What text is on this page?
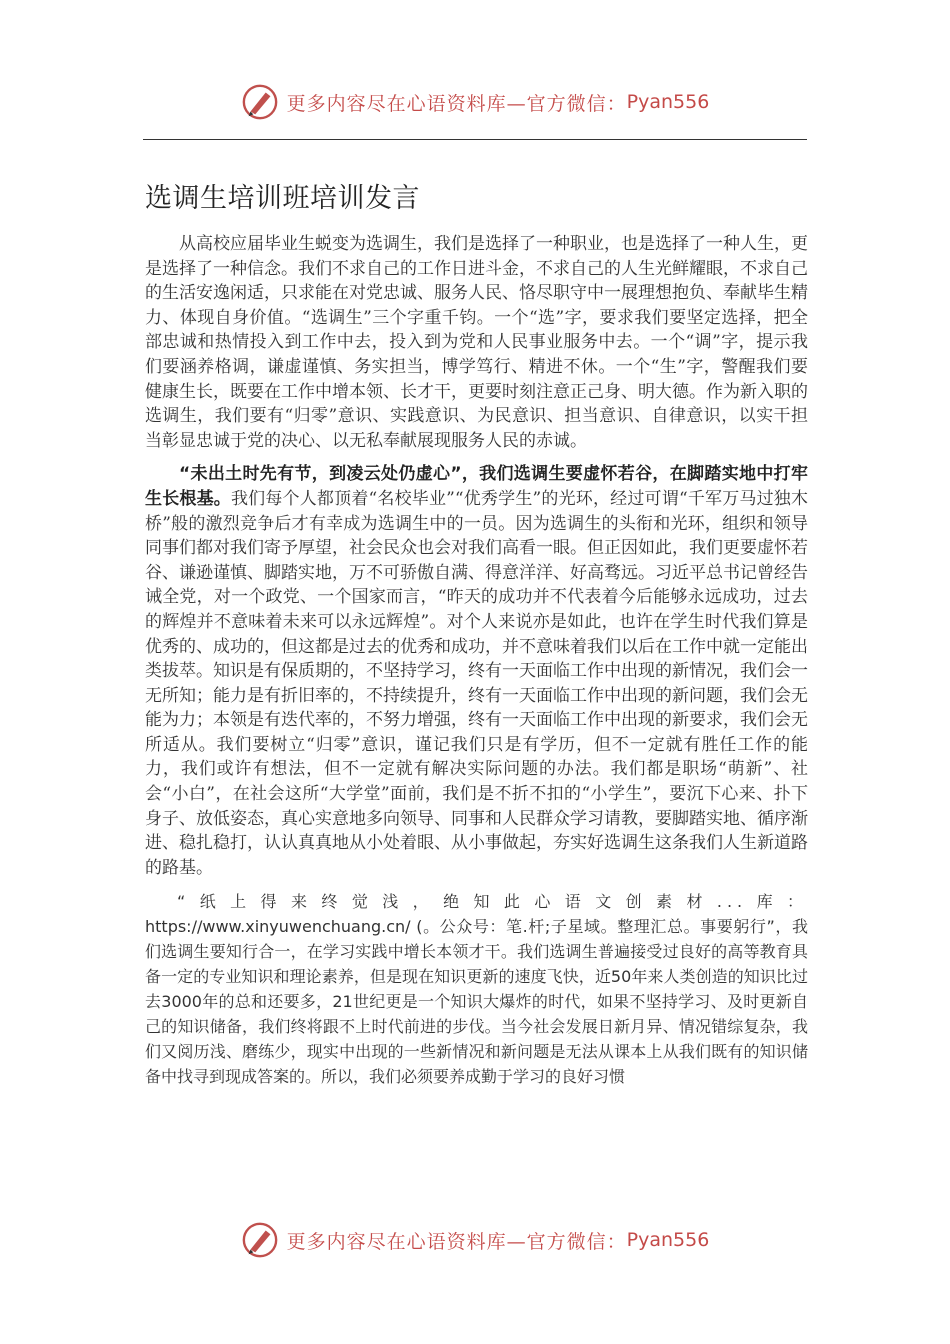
更多内容尽在心语资料库—官方微信： Pyan556
选调生培训班培训发言

从高校应届毕业生蜕变为选调生，我们是选择了一种职业，也是选择了一种人生，更是选择了一种信念。我们不求自己的工作日进斗金，不求自己的人生光鲜耀眼，不求自己的生活安逸闲适，只求能在对党忠诚、服务人民、恪尽职守中一展理想抱负、奉献毕生精力、体现自身价值。“选调生”三个字重千钧。一个“选”字，要求我们要坚定选择，把全部忠诚和热情投入到工作中去，投入到为党和人民事业服务中去。一个“调”字，提示我们要涵养格调，谦虚谨慎、务实担当，博学笃行、精进不休。一个“生”字，警醒我们要健康生长，既要在工作中增本领、长才干，更要时刻注意正己身、明大德。作为新入职的选调生，我们要有“归零”意识、实践意识、为民意识、担当意识、自律意识，以实干担当彰显忠诚于党的决心、以无私奉献展现服务人民的赤诚。

“未出土时先有节，到凌云处仍虚心”，我们选调生要虚怀若谷，在脚踏实地中打牢生长根基。我们每个人都顶着“名校毕业”“优秀学生”的光环，经过可谓“千军万马过独木桥”般的激烈竞争后才有幸成为选调生中的一员。因为选调生的头衔和光环，组织和领导同事们都对我们寄予厚望，社会民众也会对我们高看一眼。但正因如此，我们更要虚怀若谷、谦逊谨慎、脚踏实地，万不可骄傲自满、得意洋洋、好高骛远。习近平总书记曾经告诫全党，对一个政党、一个国家而言，“昨天的成功并不代表着今后能够永远成功，过去的辉煌并不意味着未来可以永远辉煌”。对个人来说亦是如此，也许在学生时代我们算是优秀的、成功的，但这都是过去的优秀和成功，并不意味着我们以后在工作中就一定能出类拔萃。知识是有保质期的，不坚持学习，终有一天面临工作中出现的新情况，我们会一无所知；能力是有折旧率的，不持续提升，终有一天面临工作中出现的新问题，我们会无能为力；本领是有迭代率的，不努力增强，终有一天面临工作中出现的新要求，我们会无所适从。我们要树立“归零”意识，谨记我们只是有学历，但不一定就有胜任工作的能力，我们或许有想法，但不一定就有解决实际问题的办法。我们都是职场“萌新”、社会“小白”，在社会这所“大学堂”面前，我们是不折不扣的“小学生”，要沉下心来、扑下身子、放低姿态，真心实意地多向领导、同事和人民群众学习请教，要脚踏实地、循序渐进、稳扎稳打，认认真真地从小处着眼、从小事做起，夯实好选调生这条我们人生新道路的路基。

“纸上得来终觉浅，绝知此心语文创素材...库： https://www.xinyuwenchuang.cn/ (。公众号：笔.杆;子星域。整理汇总。事要躬行”，我们选调生要知行合一，在学习实践中增长本领才干。我们选调生普遍接受过良好的高等教育具备一定的专业知识和理论素养，但是现在知识更新的速度飞快，近50年来人类创造的知识比过去3000年的总和还要多，21世纪更是一个知识大爆炸的时代，如果不坚持学习、及时更新自己的知识储备，我们终将跟不上时代前进的步伐。当今社会发展日新月异、情况错综复杂，我们又阅历浅、磨练少，现实中出现的一些新情况和新问题是无法从课本上从我们既有的知识储备中找寻到现成答案的。所以，我们必须要养成勤于学习的良好习惯

更多内容尽在心语资料库—官方微信： Pyan556
